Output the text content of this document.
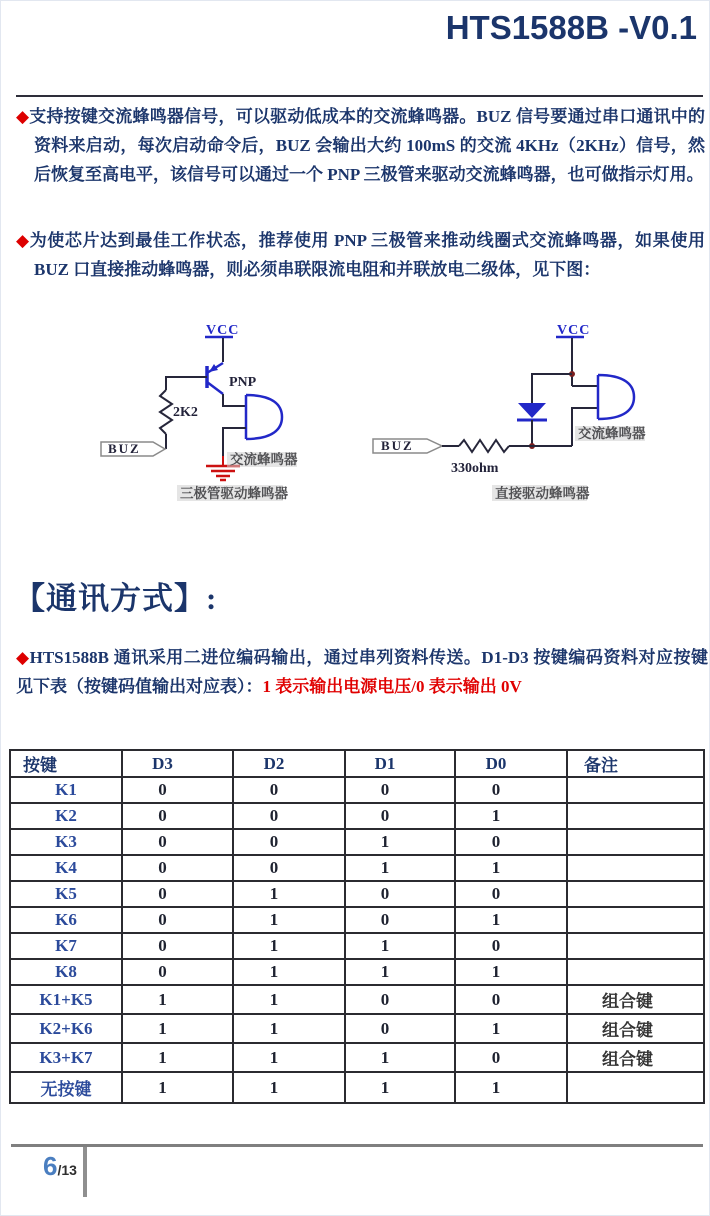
HTS1588B -V0.1
◆支持按键交流蜂鸣器信号，可以驱动低成本的交流蜂鸣器。BUZ 信号要通过串口通讯中的资料来启动，每次启动命令后，BUZ 会输出大约 100mS 的交流 4KHz（2KHz）信号，然后恢复至高电平，该信号可以通过一个 PNP 三极管来驱动交流蜂鸣器，也可做指示灯用。
◆为使芯片达到最佳工作状态，推荐使用 PNP 三极管来推动线圈式交流蜂鸣器，如果使用 BUZ 口直接推动蜂鸣器，则必须串联限流电阻和并联放电二级体，见下图：
VCC
PNP
2K2
BUZ
交流蜂鸣器
三极管驱动蜂鸣器
VCC
BUZ
330ohm
交流蜂鸣器
直接驱动蜂鸣器
【通讯方式】:
◆HTS1588B 通讯采用二进位编码输出，通过串列资料传送。D1-D3 按键编码资料对应按键见下表（按键码值输出对应表）：1 表示输出电源电压/0 表示输出 0V
按键	D3	D2	D1	D0	备注
K1	0	0	0	0	
K2	0	0	0	1	
K3	0	0	1	0	
K4	0	0	1	1	
K5	0	1	0	0	
K6	0	1	0	1	
K7	0	1	1	0	
K8	0	1	1	1	
K1+K5	1	1	0	0	组合键
K2+K6	1	1	0	1	组合键
K3+K7	1	1	1	0	组合键
无按键	1	1	1	1	
6/13
